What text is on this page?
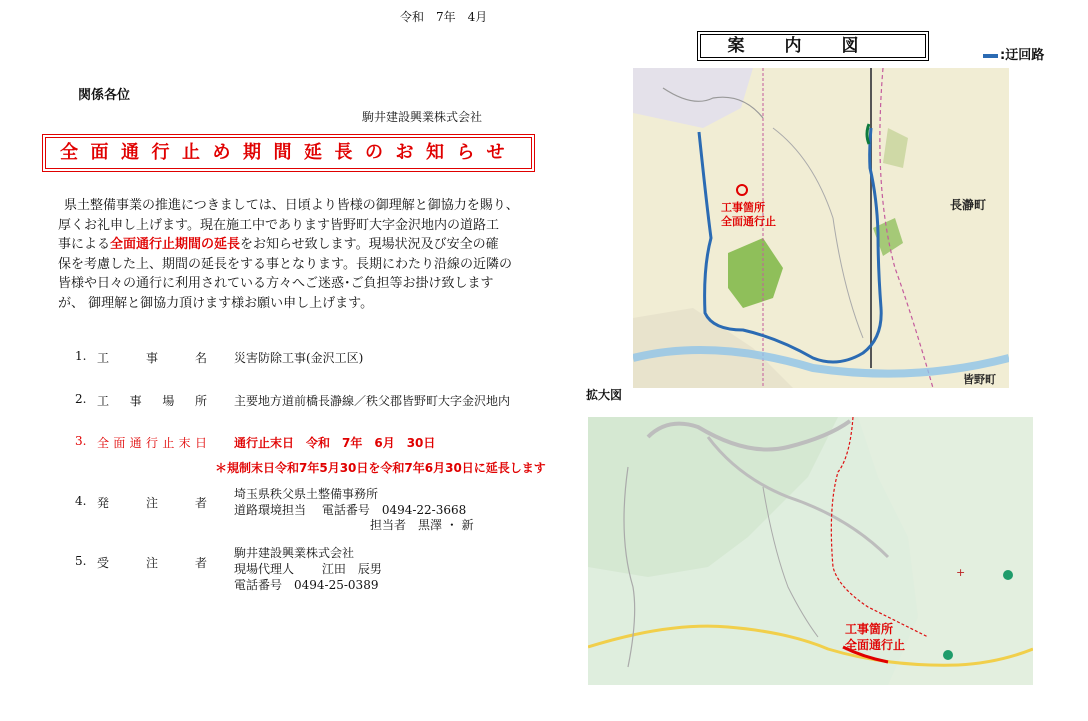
令和　7年　4月
関係各位
駒井建設興業株式会社
全面通行止め期間延長のお知らせ

県土整備事業の推進につきましては、日頃より皆様の御理解と御協力を賜り、

厚くお礼申し上げます。現在施工中であります皆野町大字金沢地内の道路工

事による全面通行止期間の延長をお知らせ致します。現場状況及び安全の確

保を考慮した上、期間の延長をする事となります。長期にわたり沿線の近隣の

皆様や日々の通行に利用されている方々へご迷惑･ご負担等お掛け致します

が、 御理解と御協力頂けます様お願い申し上げます。

1. 工	事	名 災害防除工事(金沢工区)
2. 工 事 場 所 主要地方道前橋長瀞線／秩父郡皆野町大字金沢地内
3. 全 面 通 行 止 末 日 通行止末日　令和　7年　6月　30日
＊規制末日令和7年5月30日を令和7年6月30日に延長します
4. 発	注	者
埼玉県秩父県土整備事務所
道路環境担当　 電話番号　0494-22-3668
担当者　黒澤 ・ 新
5. 受	注	者
駒井建設興業株式会社
現場代理人　　 江田　辰男
電話番号　0494-25-0389
案内図	:迂回路
工事箇所
全面通行止
長瀞町
皆野町
拡大図
+
工事箇所
全面通行止
